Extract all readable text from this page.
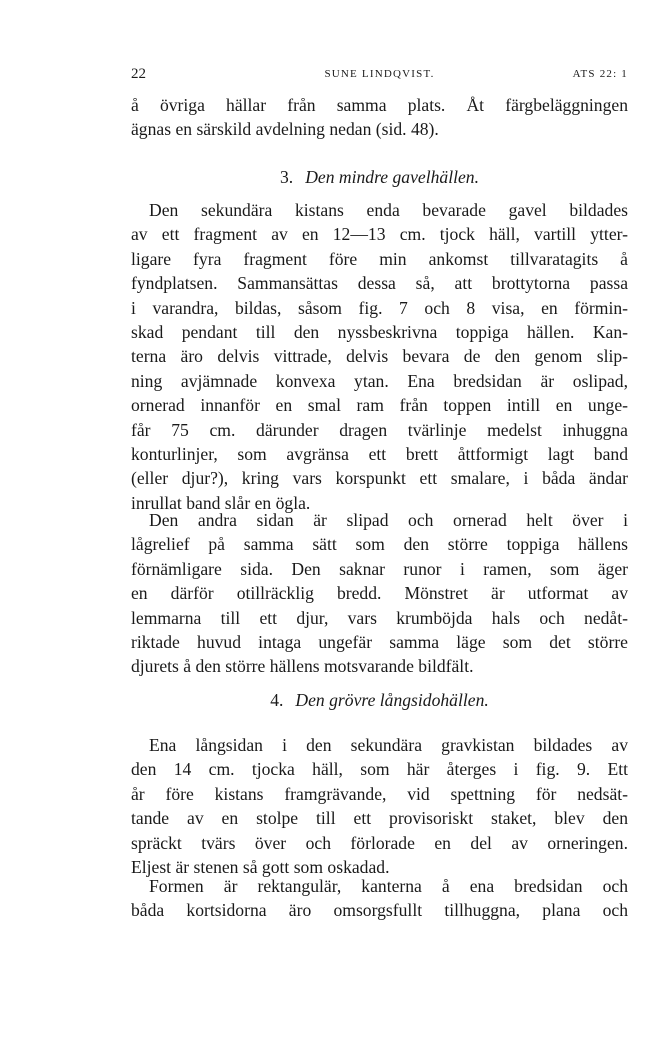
22	SUNE LINDQVIST.	ATS 22: 1
å övriga hällar från samma plats. Åt färgbeläggningen
ägnas en särskild avdelning nedan (sid. 48).
3. Den mindre gavelhällen.
Den sekundära kistans enda bevarade gavel bildades
av ett fragment av en 12—13 cm. tjock häll, vartill ytter-
ligare fyra fragment före min ankomst tillvaratagits å
fyndplatsen. Sammansättas dessa så, att brottytorna passa
i varandra, bildas, såsom fig. 7 och 8 visa, en förmin-
skad pendant till den nyssbeskrivna toppiga hällen. Kan-
terna äro delvis vittrade, delvis bevara de den genom slip-
ning avjämnade konvexa ytan. Ena bredsidan är oslipad,
ornerad innanför en smal ram från toppen intill en unge-
får 75 cm. därunder dragen tvärlinje medelst inhuggna
konturlinjer, som avgränsa ett brett åttformigt lagt band
(eller djur?), kring vars korspunkt ett smalare, i båda ändar
inrullat band slår en ögla.
Den andra sidan är slipad och ornerad helt över i
lågrelief på samma sätt som den större toppiga hällens
förnämligare sida. Den saknar runor i ramen, som äger
en därför otillräcklig bredd. Mönstret är utformat av
lemmarna till ett djur, vars krumböjda hals och nedåt-
riktade huvud intaga ungefär samma läge som det större
djurets å den större hällens motsvarande bildfält.
4. Den grövre långsidohällen.
Ena långsidan i den sekundära gravkistan bildades av
den 14 cm. tjocka häll, som här återges i fig. 9. Ett
år före kistans framgrävande, vid spettning för nedsät-
tande av en stolpe till ett provisoriskt staket, blev den
spräckt tvärs över och förlorade en del av orneringen.
Eljest är stenen så gott som oskadad.
Formen är rektangulär, kanterna å ena bredsidan och
båda kortsidorna äro omsorgsfullt tillhuggna, plana och
